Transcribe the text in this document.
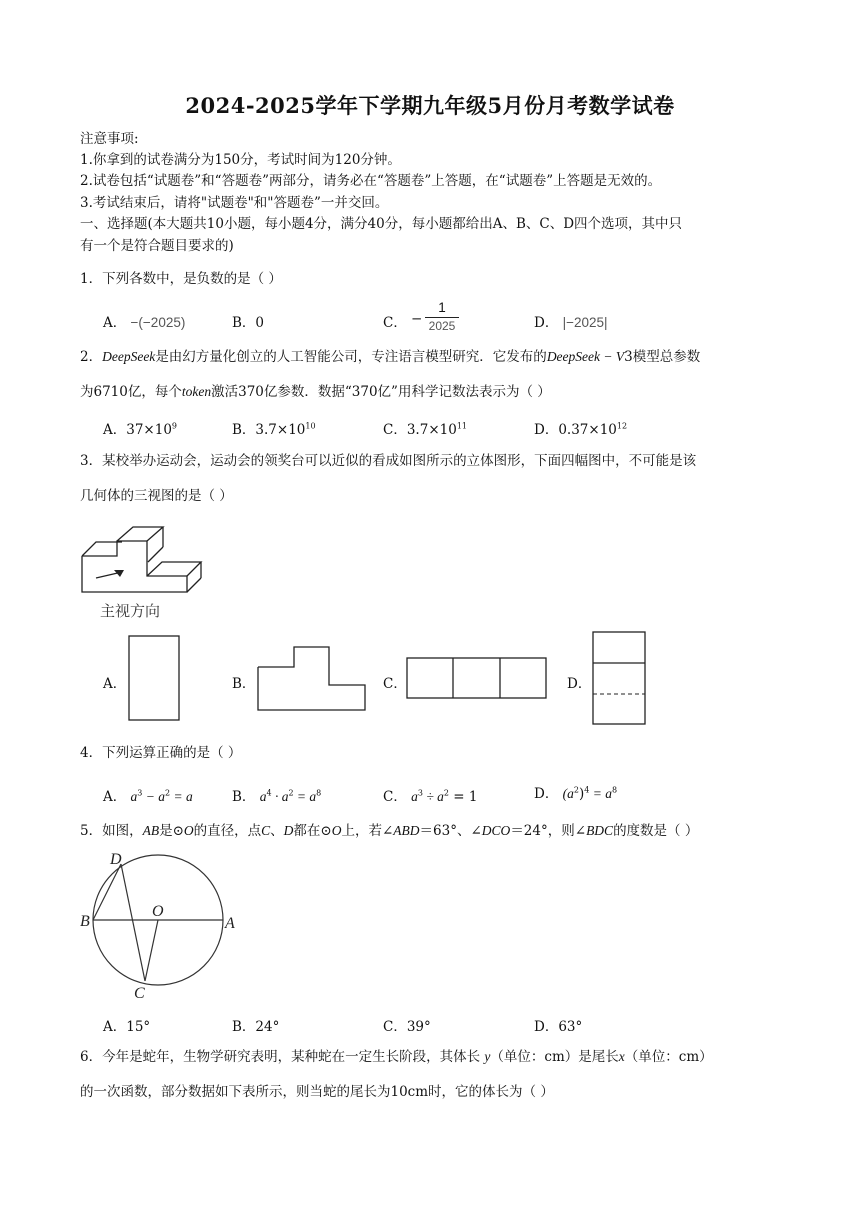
2024-2025学年下学期九年级5月份月考数学试卷
注意事项:
1.你拿到的试卷满分为150分，考试时间为120分钟。
2.试卷包括“试题卷”和“答题卷”两部分，请务必在“答题卷”上答题，在“试题卷”上答题是无效的。
3.考试结束后，请将"试题卷"和"答题卷”一并交回。
一、选择题(本大题共10小题，每小题4分，满分40分，每小题都给出A、B、C、D四个选项，其中只
有一个是符合题目要求的)
1．下列各数中，是负数的是（ ）
A． −(−2025)	B．0	C． −
1
2025	D． |−2025|
2．DeepSeek是由幻方量化创立的人工智能公司，专注语言模型研究．它发布的DeepSeek − V3模型总参数
为6710亿，每个token激活370亿参数．数据“370亿”用科学记数法表示为（ ）
A．$37\times 10^9$	B．$3.7\times 10^{10}$	C．$3.7\times 10^{11}$	D．$0.37\times 10^{12}$
3．某校举办运动会，运动会的领奖台可以近似的看成如图所示的立体图形，下面四幅图中，不可能是该
几何体的三视图的是（ ）
主视方向
A．	B．	C．	D．
4．下列运算正确的是（ ）
A． $a^3 - a^2 = a$	B． $a^4 \cdot a^2 = a^8$	C． $a^3 \div a^2 = 1$	D． $(a^2)^4 = a^8$
5．如图，AB是⊙O的直径，点C、D都在⊙O上，若∠ABD＝63°、∠DCO＝24°，则∠BDC的度数是（ ）
D
B
O
A
C
A．15°	B．24°	C．39°	D．63°
6．今年是蛇年，生物学研究表明，某种蛇在一定生长阶段，其体长 y（单位：cm）是尾长x（单位：cm）
的一次函数，部分数据如下表所示，则当蛇的尾长为10cm时，它的体长为（ ）
